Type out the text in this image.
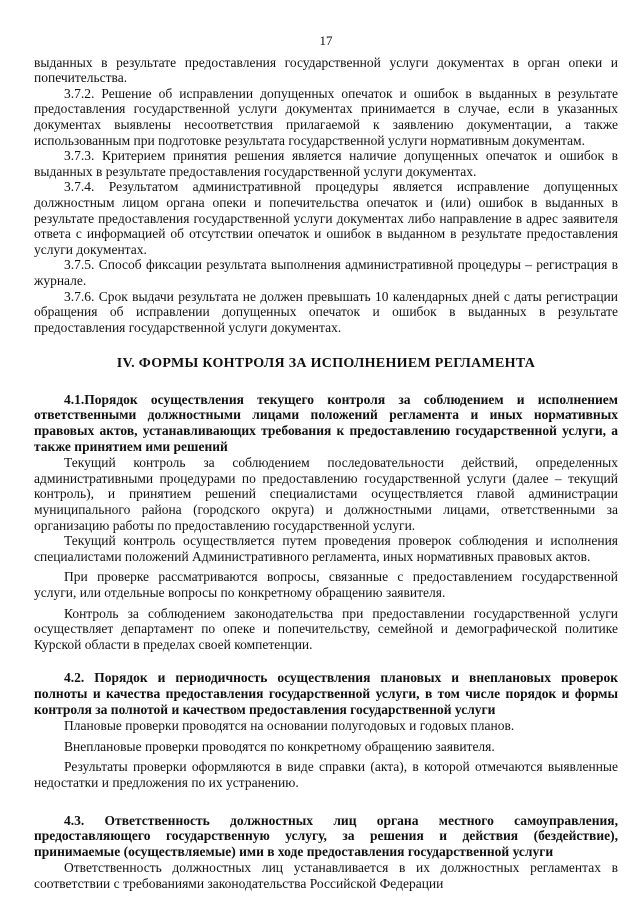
17

выданных в результате предоставления государственной услуги документах в орган опеки и попечительства.

3.7.2. Решение об исправлении допущенных опечаток и ошибок в выданных в результате предоставления государственной услуги документах принимается в случае, если в указанных документах выявлены несоответствия прилагаемой к заявлению документации, а также использованным при подготовке результата государственной услуги нормативным документам.

3.7.3. Критерием принятия решения является наличие допущенных опечаток и ошибок в выданных в результате предоставления государственной услуги документах.

3.7.4. Результатом административной процедуры является исправление допущенных должностным лицом органа опеки и попечительства опечаток и (или) ошибок в выданных в результате предоставления государственной услуги документах либо направление в адрес заявителя ответа с информацией об отсутствии опечаток и ошибок в выданном в результате предоставления услуги документах.

3.7.5. Способ фиксации результата выполнения административной процедуры – регистрация в журнале.

3.7.6. Срок выдачи результата не должен превышать 10 календарных дней с даты регистрации обращения об исправлении допущенных опечаток и ошибок в выданных в результате предоставления государственной услуги документах.

IV. ФОРМЫ КОНТРОЛЯ ЗА ИСПОЛНЕНИЕМ РЕГЛАМЕНТА

4.1.Порядок осуществления текущего контроля за соблюдением и исполнением ответственными должностными лицами положений регламента и иных нормативных правовых актов, устанавливающих требования к предоставлению государственной услуги, а также принятием ими решений

Текущий контроль за соблюдением последовательности действий, определенных административными процедурами по предоставлению государственной услуги (далее – текущий контроль), и принятием решений специалистами осуществляется главой администрации муниципального района (городского округа) и должностными лицами, ответственными за организацию работы по предоставлению государственной услуги.

Текущий контроль осуществляется путем проведения проверок соблюдения и исполнения специалистами положений Административного регламента, иных нормативных правовых актов.

При проверке рассматриваются вопросы, связанные с предоставлением государственной услуги, или отдельные вопросы по конкретному обращению заявителя.

Контроль за соблюдением законодательства при предоставлении государственной услуги осуществляет департамент по опеке и попечительству, семейной и демографической политике Курской области в пределах своей компетенции.

4.2. Порядок и периодичность осуществления плановых и внеплановых проверок полноты и качества предоставления государственной услуги, в том числе порядок и формы контроля за полнотой и качеством предоставления государственной услуги

Плановые проверки проводятся на основании полугодовых и годовых планов.

Внеплановые проверки проводятся по конкретному обращению заявителя.

Результаты проверки оформляются в виде справки (акта), в которой отмечаются выявленные недостатки и предложения по их устранению.

4.3. Ответственность должностных лиц органа местного самоуправления, предоставляющего государственную услугу, за решения и действия (бездействие), принимаемые (осуществляемые) ими в ходе предоставления государственной услуги

Ответственность должностных лиц устанавливается в их должностных регламентах в соответствии с требованиями законодательства Российской Федерации
